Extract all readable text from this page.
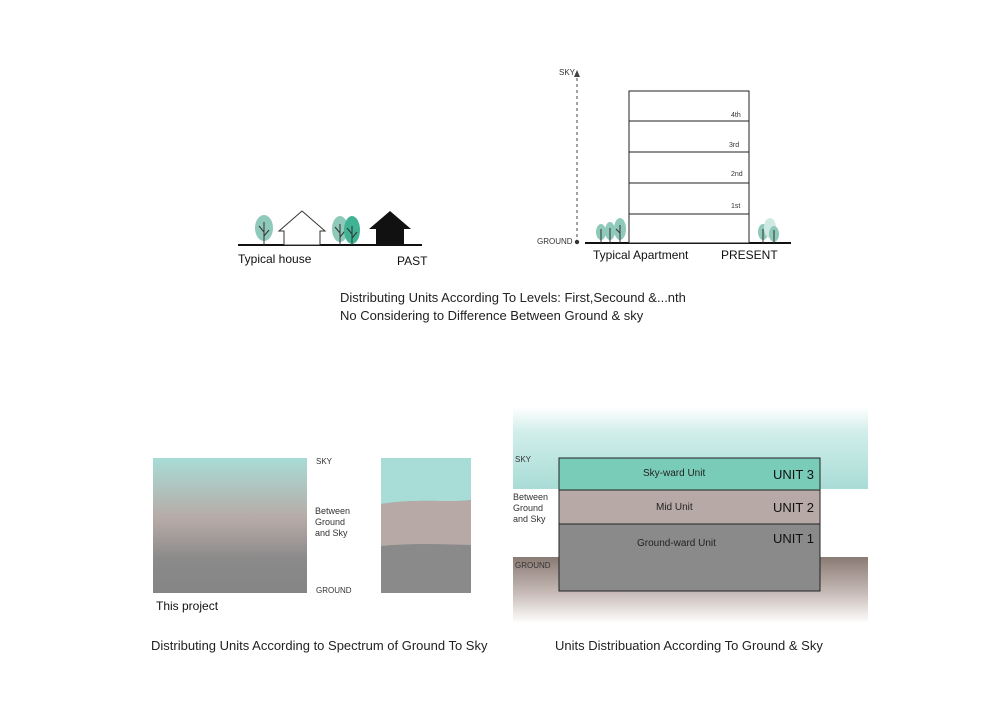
Typical house	PAST
SKY
GROUND
4th
3rd
2nd
1st
Typical Apartment	PRESENT
Distributing Units According To Levels: First,Secound &...nth
No Considering to Difference Between Ground & sky
SKY
Between
Ground
and Sky
GROUND
This project
Distributing Units According to Spectrum of Ground To Sky
SKY
Between
Ground
and Sky
GROUND
Sky-ward Unit	UNIT 3
Mid Unit	UNIT 2
Ground-ward Unit	UNIT 1
Units Distribuation According To Ground & Sky
